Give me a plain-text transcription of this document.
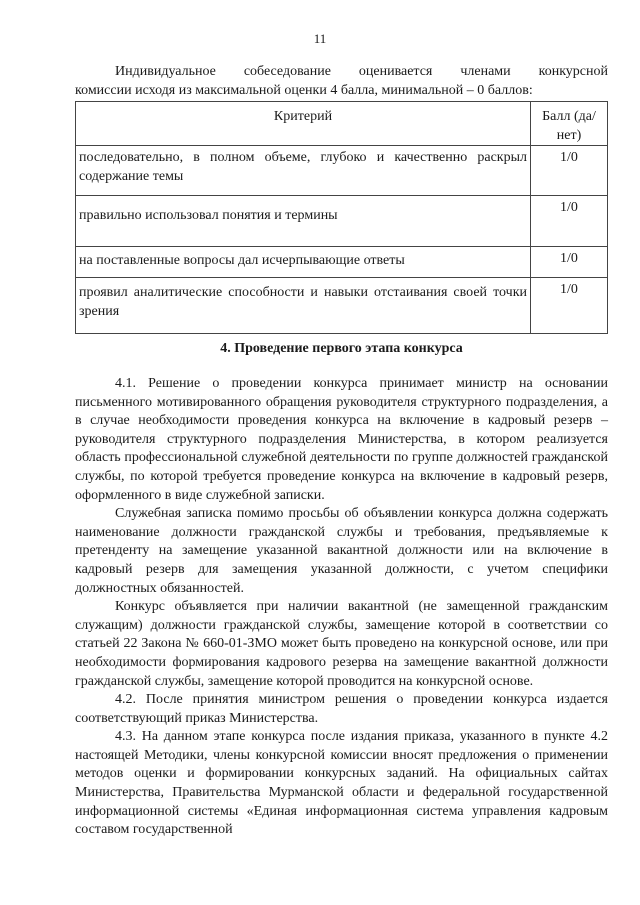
11

Индивидуальное собеседование оценивается членами конкурсной

комиссии исходя из максимальной оценки 4 балла, минимальной – 0 баллов:

Критерий	Балл (да/нет)
последовательно, в полном объеме, глубоко и качественно раскрыл содержание темы	1/0
правильно использовал понятия и термины	1/0
на поставленные вопросы дал исчерпывающие ответы	1/0
проявил аналитические способности и навыки отстаивания своей точки зрения	1/0
4. Проведение первого этапа конкурса

4.1. Решение о проведении конкурса принимает министр на основании письменного мотивированного обращения руководителя структурного подразделения, а в случае необходимости проведения конкурса на включение в кадровый резерв – руководителя структурного подразделения Министерства, в котором реализуется область профессиональной служебной деятельности по группе должностей гражданской службы, по которой требуется проведение конкурса на включение в кадровый резерв, оформленного в виде служебной записки.

Служебная записка помимо просьбы об объявлении конкурса должна содержать наименование должности гражданской службы и требования, предъявляемые к претенденту на замещение указанной вакантной должности или на включение в кадровый резерв для замещения указанной должности, с учетом специфики должностных обязанностей.

Конкурс объявляется при наличии вакантной (не замещенной гражданским служащим) должности гражданской службы, замещение которой в соответствии со статьей 22 Закона № 660-01-ЗМО может быть проведено на конкурсной основе, или при необходимости формирования кадрового резерва на замещение вакантной должности гражданской службы, замещение которой проводится на конкурсной основе.

4.2. После принятия министром решения о проведении конкурса издается соответствующий приказ Министерства.

4.3. На данном этапе конкурса после издания приказа, указанного в пункте 4.2 настоящей Методики, члены конкурсной комиссии вносят предложения о применении методов оценки и формировании конкурсных заданий. На официальных сайтах Министерства, Правительства Мурманской области и федеральной государственной информационной системы «Единая информационная система управления кадровым составом государственной
